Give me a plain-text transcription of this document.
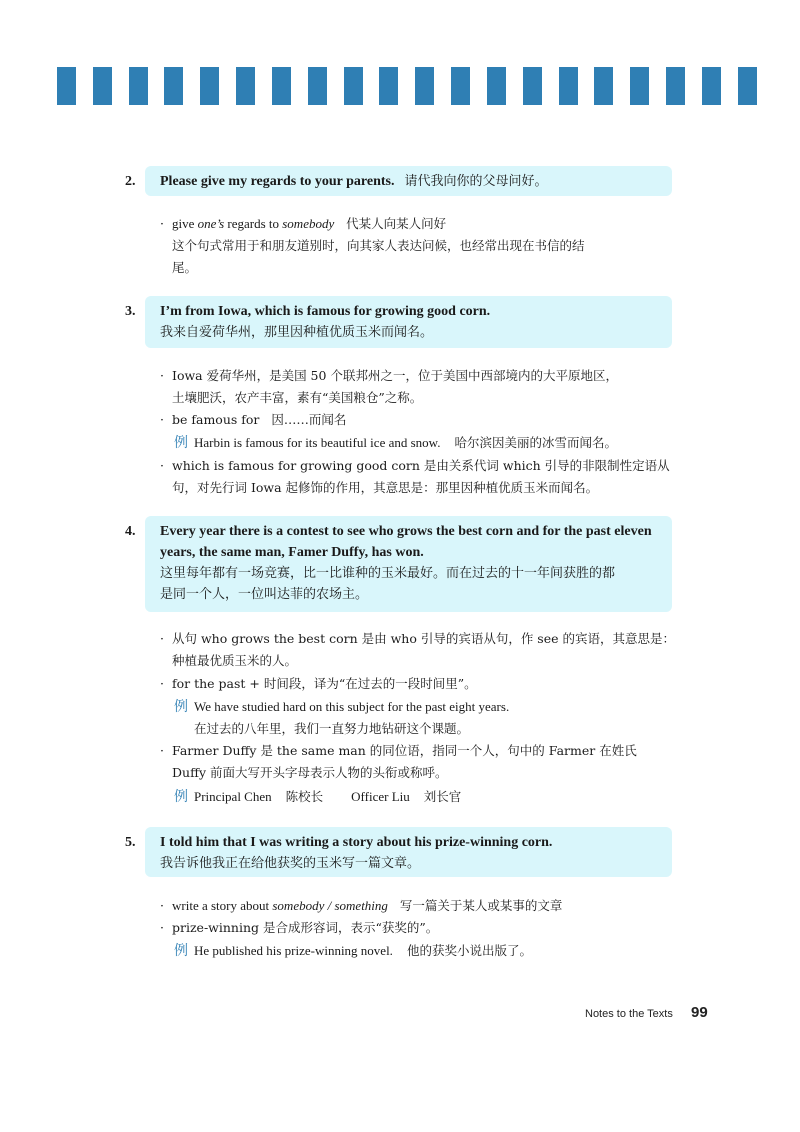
2.	Please give my regards to your parents. 请代我向你的父母问好。
· give one’s regards to somebody   代某人向某人问好
这个句式常用于和朋友道别时，向其家人表达问候，也经常出现在书信的结
尾。
3. I’m from Iowa, which is famous for growing good corn.
我来自爱荷华州，那里因种植优质玉米而闻名。
· Iowa 爱荷华州，是美国 50 个联邦州之一，位于美国中西部境内的大平原地区，
土壤肥沃，农产丰富，素有“美国粮仓”之称。
· be famous for   因……而闻名
例 Harbin is famous for its beautiful ice and snow. 哈尔滨因美丽的冰雪而闻名。
· which is famous for growing good corn 是由关系代词 which 引导的非限制性定语从
句，对先行词 Iowa 起修饰的作用，其意思是：那里因种植优质玉米而闻名。
4. Every year there is a contest to see who grows the best corn and for the past eleven
years, the same man, Famer Duffy, has won.
这里每年都有一场竞赛，比一比谁种的玉米最好。而在过去的十一年间获胜的都
是同一个人，一位叫达菲的农场主。
· 从句 who grows the best corn 是由 who 引导的宾语从句，作 see 的宾语，其意思是：
种植最优质玉米的人。
· for the past + 时间段，译为“在过去的一段时间里”。
例 We have studied hard on this subject for the past eight years.
在过去的八年里，我们一直努力地钻研这个课题。
· Farmer Duffy 是 the same man 的同位语，指同一个人，句中的 Farmer 在姓氏
Duffy 前面大写开头字母表示人物的头衔或称呼。
例 Principal Chen 陈校长 Officer Liu 刘长官
5. I told him that I was writing a story about his prize-winning corn.
我告诉他我正在给他获奖的玉米写一篇文章。
· write a story about somebody / something   写一篇关于某人或某事的文章
· prize-winning 是合成形容词，表示“获奖的”。
例 He published his prize-winning novel. 他的获奖小说出版了。
Notes to the Texts 99
